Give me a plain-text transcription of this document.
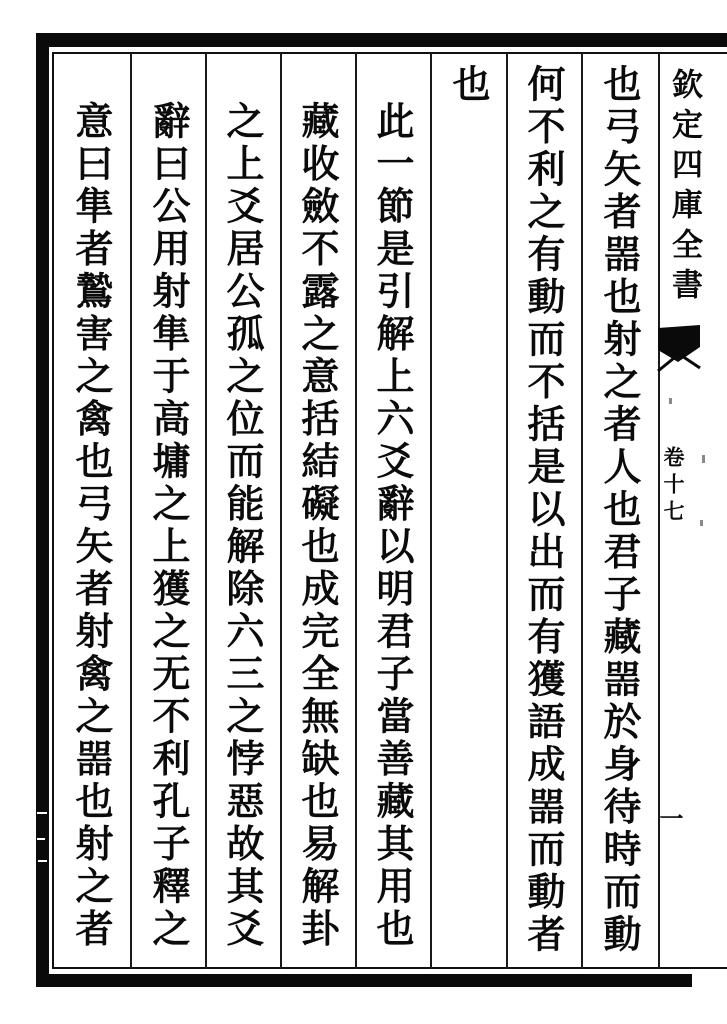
欽定四庫全書
卷十七
一
也弓矢者噐也射之者人也君子藏噐於身待時而動
何不利之有動而不括是以出而有獲語成噐而動者
也
此一節是引解上六爻辭以明君子當善藏其用也
藏收斂不露之意括結礙也成完全無缺也易解卦
之上爻居公孤之位而能解除六三之悖惡故其爻
辭曰公用射隼于高墉之上獲之无不利孔子釋之
意曰隼者鷙害之禽也弓矢者射禽之噐也射之者
